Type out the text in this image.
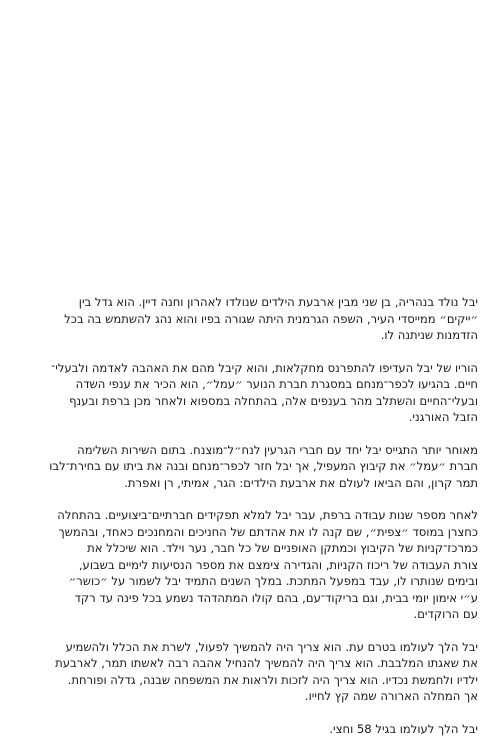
יבל נולד בנהריה, בן שני מבין ארבעת הילדים שנולדו לאהרון וחנה דיין. הוא גדל בין
״ייקים״ ממייסדי העיר, השפה הגרמנית היתה שגורה בפיו והוא נהג להשתמש בה בכל
הזדמנות שניתנה לו.

הוריו של יבל העדיפו להתפרנס מחקלאות, והוא קיבל מהם את האהבה לאדמה ולבעלי־
חיים. בהגיעו לכפר־מנחם במסגרת חברת הנוער ״עמל״, הוא הכיר את ענפי השדה
ובעלי־החיים והשתלב מהר בענפים אלה, בהתחלה במספוא ולאחר מכן ברפת ובענף
הזבל האורגני.

מאוחר יותר התגייס יבל יחד עם חברי הגרעין לנח״ל־מוצנח. בתום השירות השלימה
חברת ״עמל״ את קיבוץ המעפיל, אך יבל חזר לכפר־מנחם ובנה את ביתו עם בחירת־לבו
תמר קרון, והם הביאו לעולם את ארבעת הילדים: הגר, אמיתי, רן ואפרת.

לאחר מספר שנות עבודה ברפת, עבר יבל למלא תפקידים חברתיים־ביצועיים. בהתחלה
כחצרן במוסד ״צפית״, שם קנה לו את אהדתם של החניכים והמחנכים כאחד, ובהמשך
כמרכז־קניות של הקיבוץ וכמתקן האופניים של כל חבר, נער וילד. הוא שיכלל את
צורת העבודה של ריכוז הקניות, והגדירה צימצם את מספר הנסיעות לימיים בשבוע,
ובימים שנותרו לו, עבד במפעל המתכת. במלך השנים התמיד יבל לשמור על ״כושר״
ע״י אימון יומי בבית, וגם בריקוד־עם, בהם קולו המתהדהד נשמע בכל פינה עד רקד
עם הרוקדים.

יבל הלך לעולמו בטרם עת. הוא צריך היה להמשיך לפעול, לשרת את הכלל ולהשמיע
את שאגתו המלבבת. הוא צריך היה להמשיך להנחיל אהבה רבה לאשתו תמר, לארבעת
ילדיו ולחמשת נכדיו. הוא צריך היה לזכות ולראות את המשפחה שבנה, גדלה ופורחת.
אך המחלה הארורה שמה קץ לחייו.

יבל הלך לעולמו בגיל 58 וחצי.
